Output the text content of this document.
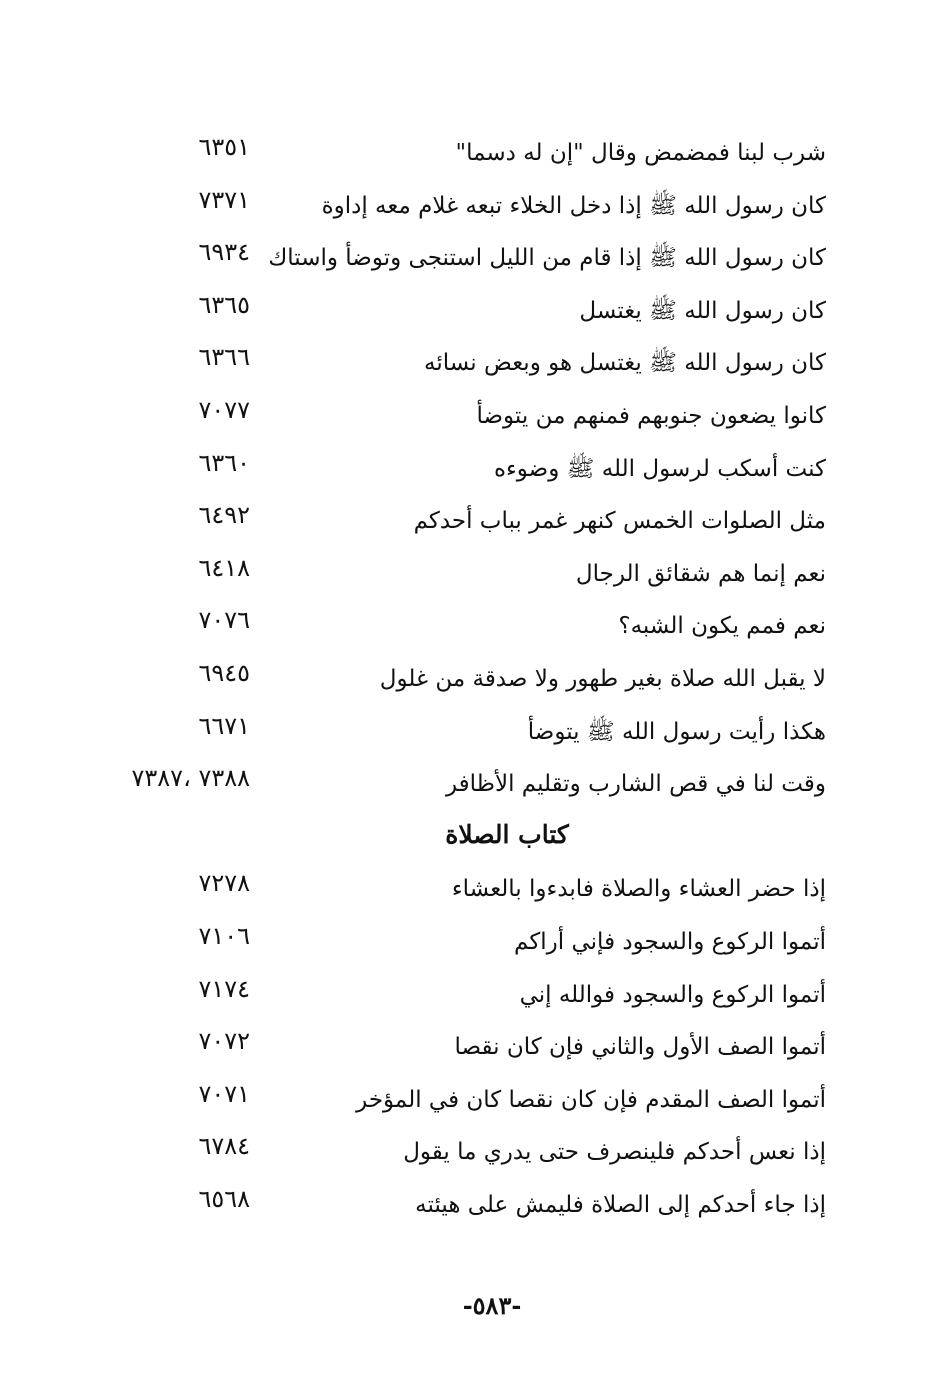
شرب لبنا فمضمض وقال "إن له دسما"
٦٣٥١
كان رسول الله ﷺ إذا دخل الخلاء تبعه غلام معه إداوة
٧٣٧١
كان رسول الله ﷺ إذا قام من الليل استنجى وتوضأ واستاك
٦٩٣٤
كان رسول الله ﷺ يغتسل
٦٣٦٥
كان رسول الله ﷺ يغتسل هو وبعض نسائه
٦٣٦٦
كانوا يضعون جنوبهم فمنهم من يتوضأ
٧٠٧٧
كنت أسكب لرسول الله ﷺ وضوءه
٦٣٦٠
مثل الصلوات الخمس كنهر غمر بباب أحدكم
٦٤٩٢
نعم إنما هم شقائق الرجال
٦٤١٨
نعم فمم يكون الشبه؟
٧٠٧٦
لا يقبل الله صلاة بغير طهور ولا صدقة من غلول
٦٩٤٥
هكذا رأيت رسول الله ﷺ يتوضأ
٦٦٧١
وقت لنا في قص الشارب وتقليم الأظافر
٧٣٨٨ ،٧٣٨٧
كتاب الصلاة
إذا حضر العشاء والصلاة فابدءوا بالعشاء
٧٢٧٨
أتموا الركوع والسجود فإني أراكم
٧١٠٦
أتموا الركوع والسجود فوالله إني
٧١٧٤
أتموا الصف الأول والثاني فإن كان نقصا
٧٠٧٢
أتموا الصف المقدم فإن كان نقصا كان في المؤخر
٧٠٧١
إذا نعس أحدكم فلينصرف حتى يدري ما يقول
٦٧٨٤
إذا جاء أحدكم إلى الصلاة فليمش على هيئته
٦٥٦٨
-٥٨٣-
